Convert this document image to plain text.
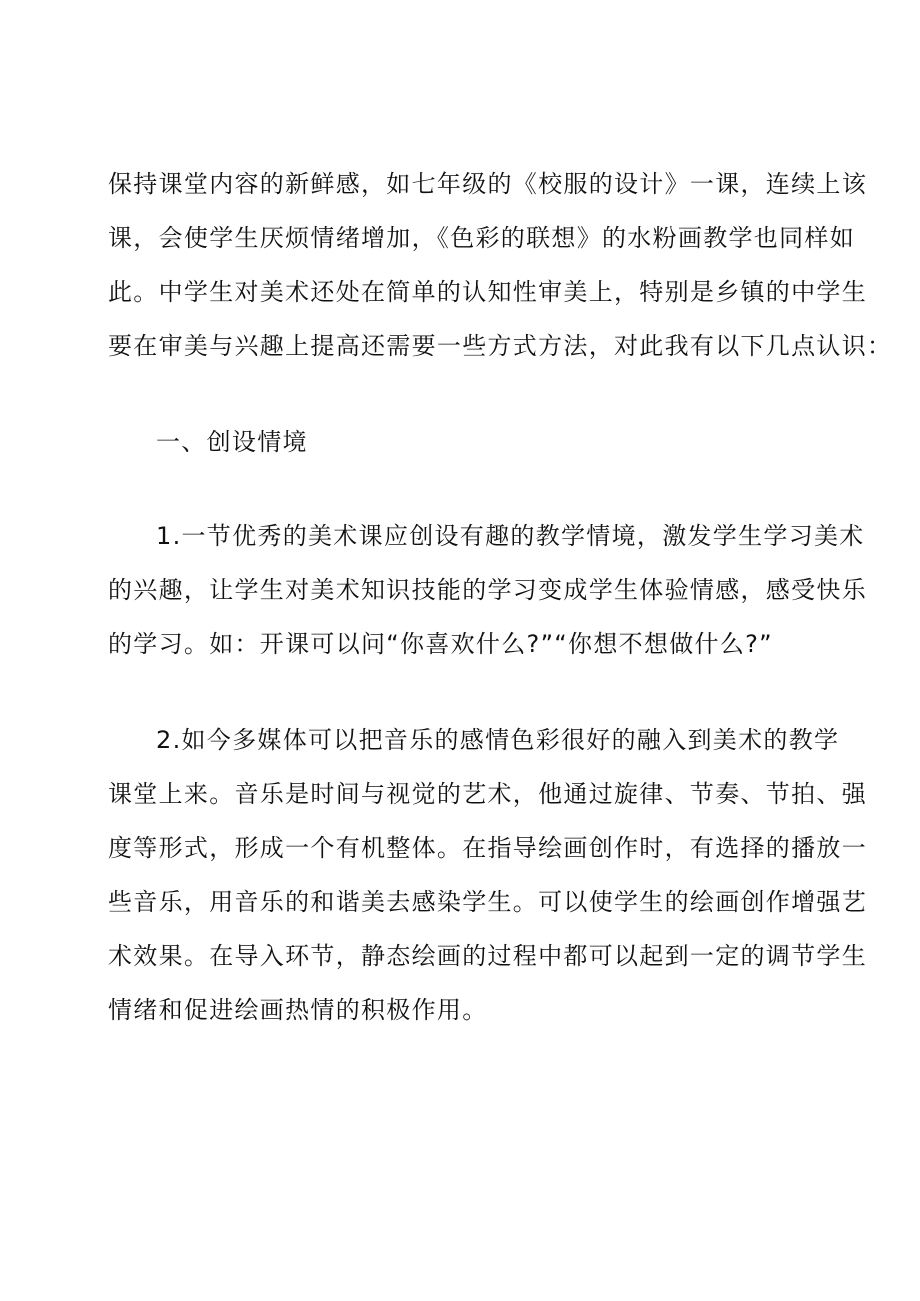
保持课堂内容的新鲜感，如七年级的《校服的设计》一课，连续上该
课，会使学生厌烦情绪增加，《色彩的联想》的水粉画教学也同样如
此。中学生对美术还处在简单的认知性审美上，特别是乡镇的中学生
要在审美与兴趣上提高还需要一些方式方法，对此我有以下几点认识：
一、创设情境
1.一节优秀的美术课应创设有趣的教学情境，激发学生学习美术
的兴趣，让学生对美术知识技能的学习变成学生体验情感，感受快乐
的学习。如：开课可以问“你喜欢什么?”“你想不想做什么?”
2.如今多媒体可以把音乐的感情色彩很好的融入到美术的教学
课堂上来。音乐是时间与视觉的艺术，他通过旋律、节奏、节拍、强
度等形式，形成一个有机整体。在指导绘画创作时，有选择的播放一
些音乐，用音乐的和谐美去感染学生。可以使学生的绘画创作增强艺
术效果。在导入环节，静态绘画的过程中都可以起到一定的调节学生
情绪和促进绘画热情的积极作用。
